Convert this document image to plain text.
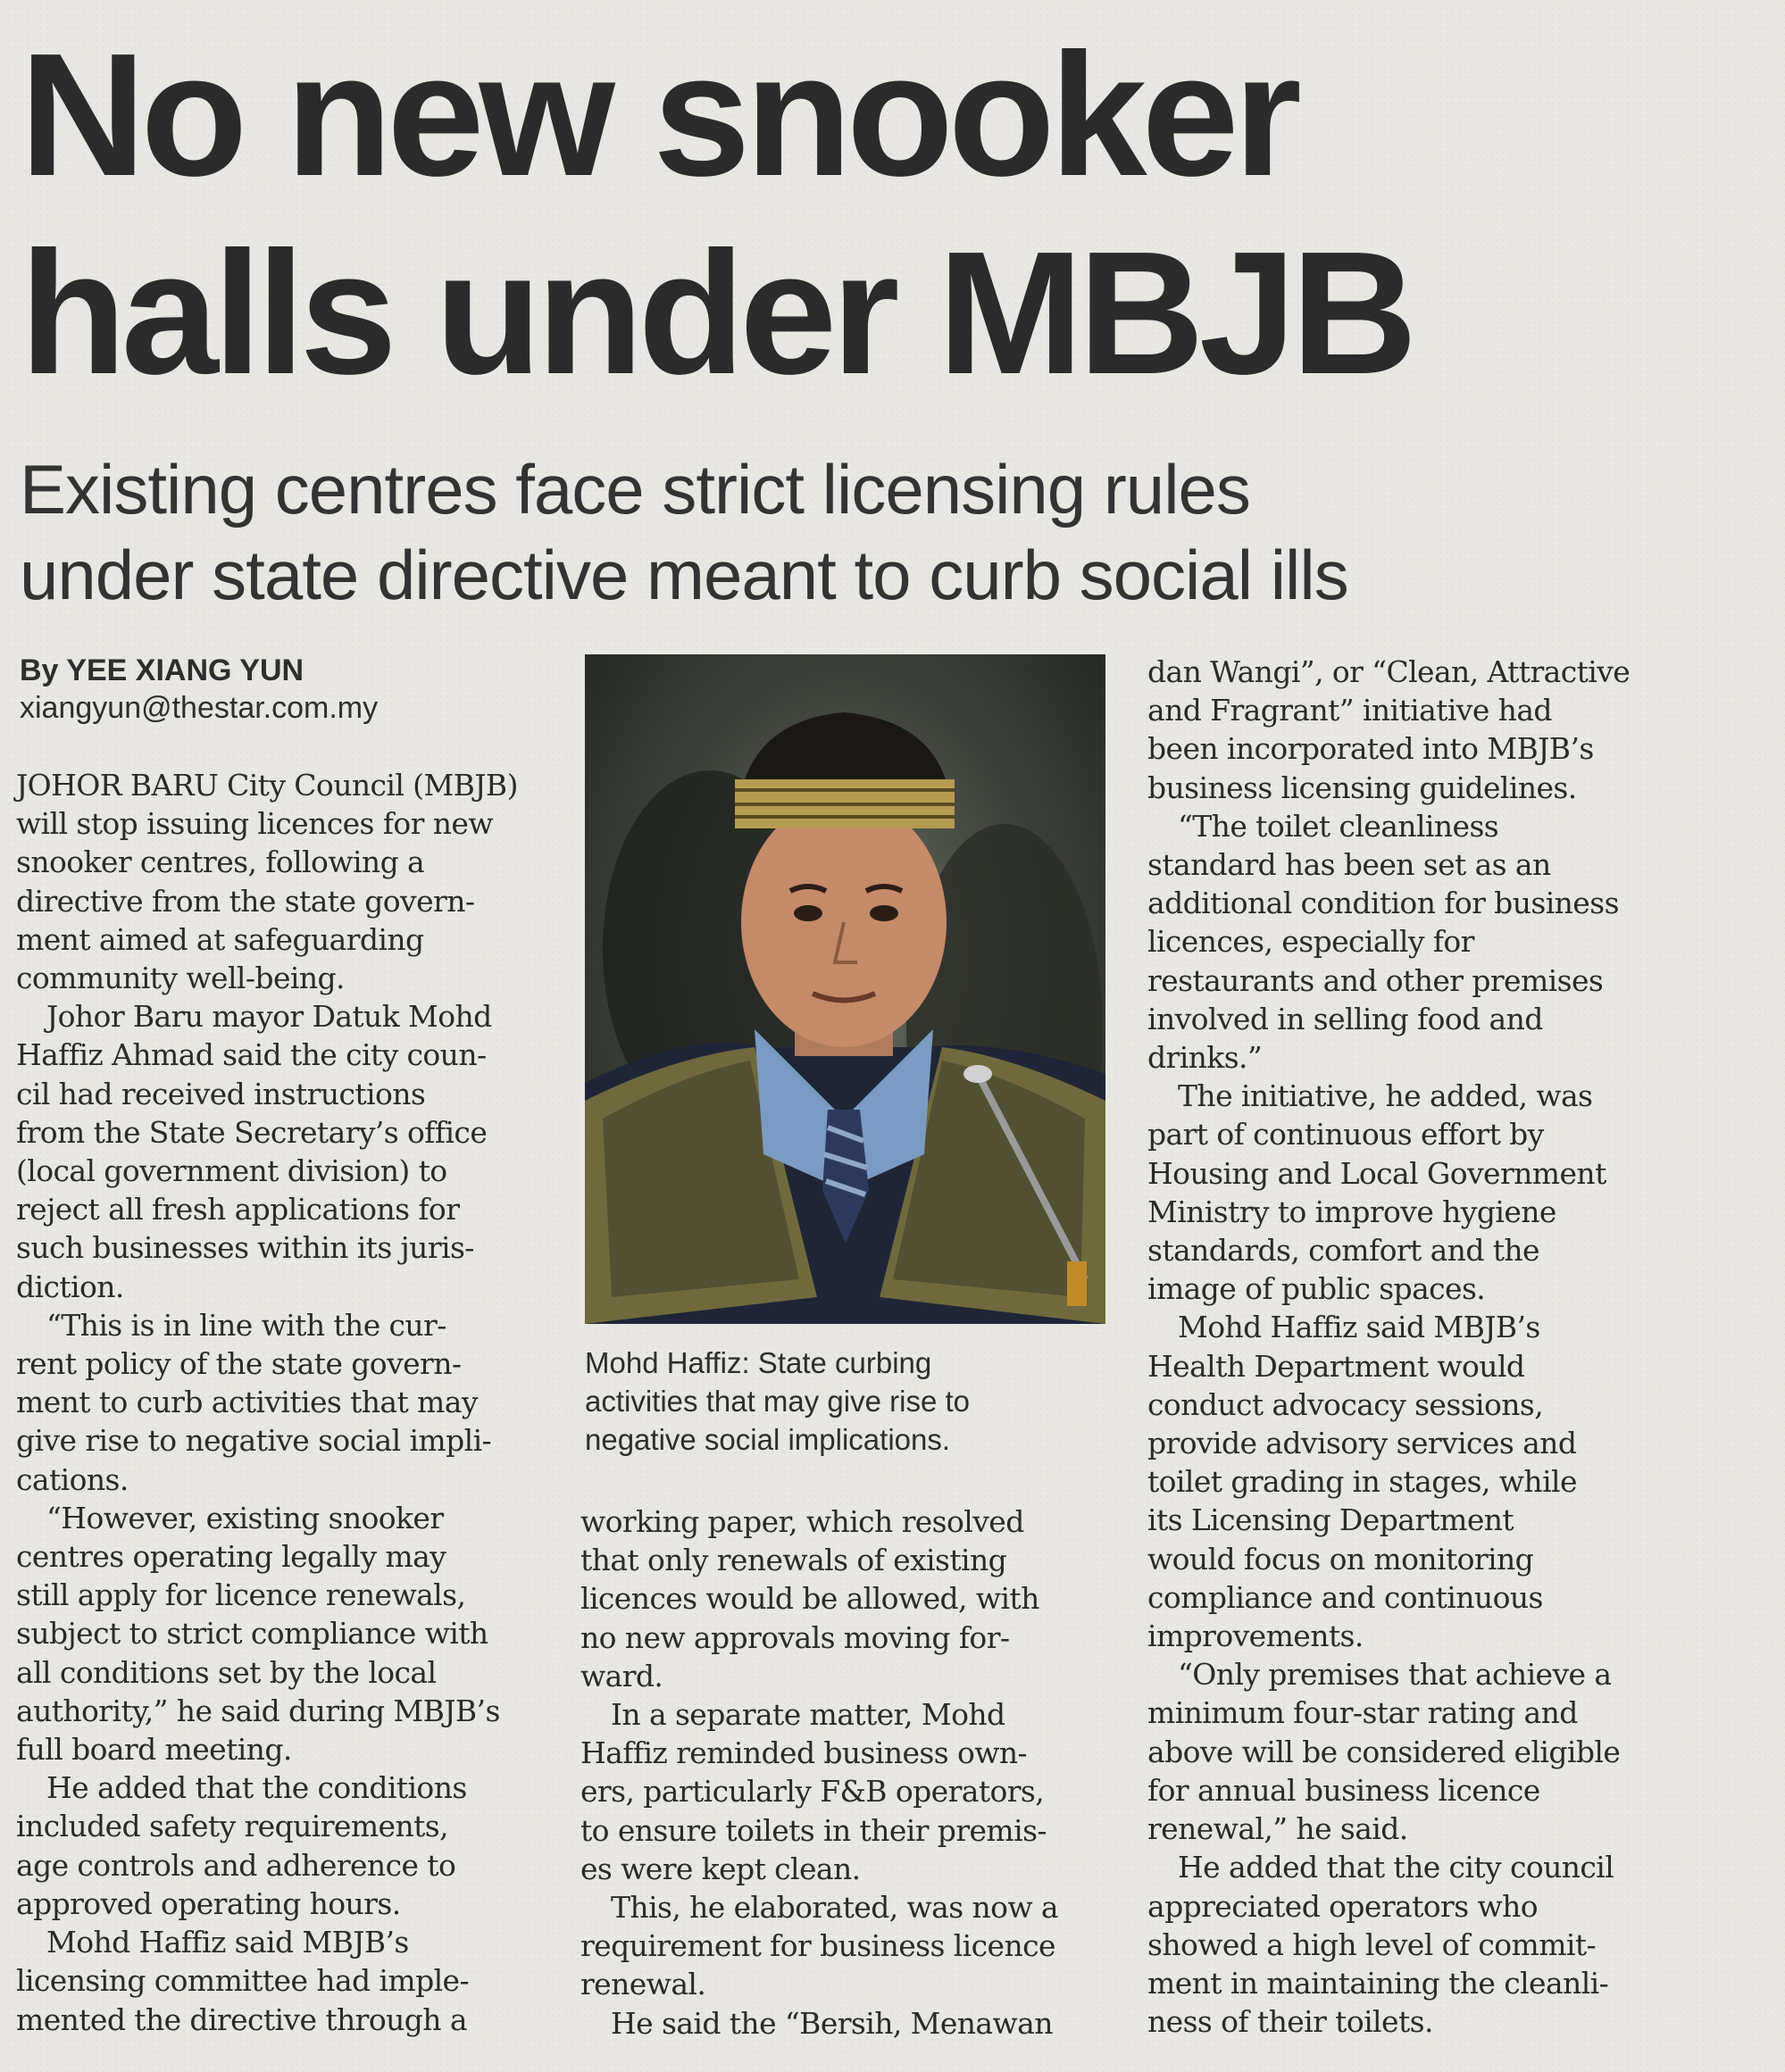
No new snooker
halls under MBJB
Existing centres face strict licensing rules
under state directive meant to curb social ills
By YEE XIANG YUN
xiangyun@thestar.com.my
JOHOR BARU City Council (MBJB)
will stop issuing licences for new
snooker centres, following a
directive from the state govern-
ment aimed at safeguarding
community well-being.
Johor Baru mayor Datuk Mohd
Haffiz Ahmad said the city coun-
cil had received instructions
from the State Secretary’s office
(local government division) to
reject all fresh applications for
such businesses within its juris-
diction.
“This is in line with the cur-
rent policy of the state govern-
ment to curb activities that may
give rise to negative social impli-
cations.
“However, existing snooker
centres operating legally may
still apply for licence renewals,
subject to strict compliance with
all conditions set by the local
authority,” he said during MBJB’s
full board meeting.
He added that the conditions
included safety requirements,
age controls and adherence to
approved operating hours.
Mohd Haffiz said MBJB’s
licensing committee had imple-
mented the directive through a
Mohd Haffiz: State curbing
activities that may give rise to
negative social implications.
working paper, which resolved
that only renewals of existing
licences would be allowed, with
no new approvals moving for-
ward.
In a separate matter, Mohd
Haffiz reminded business own-
ers, particularly F&B operators,
to ensure toilets in their premis-
es were kept clean.
This, he elaborated, was now a
requirement for business licence
renewal.
He said the “Bersih, Menawan
dan Wangi”, or “Clean, Attractive
and Fragrant” initiative had
been incorporated into MBJB’s
business licensing guidelines.
“The toilet cleanliness
standard has been set as an
additional condition for business
licences, especially for
restaurants and other premises
involved in selling food and
drinks.”
The initiative, he added, was
part of continuous effort by
Housing and Local Government
Ministry to improve hygiene
standards, comfort and the
image of public spaces.
Mohd Haffiz said MBJB’s
Health Department would
conduct advocacy sessions,
provide advisory services and
toilet grading in stages, while
its Licensing Department
would focus on monitoring
compliance and continuous
improvements.
“Only premises that achieve a
minimum four-star rating and
above will be considered eligible
for annual business licence
renewal,” he said.
He added that the city council
appreciated operators who
showed a high level of commit-
ment in maintaining the cleanli-
ness of their toilets.
